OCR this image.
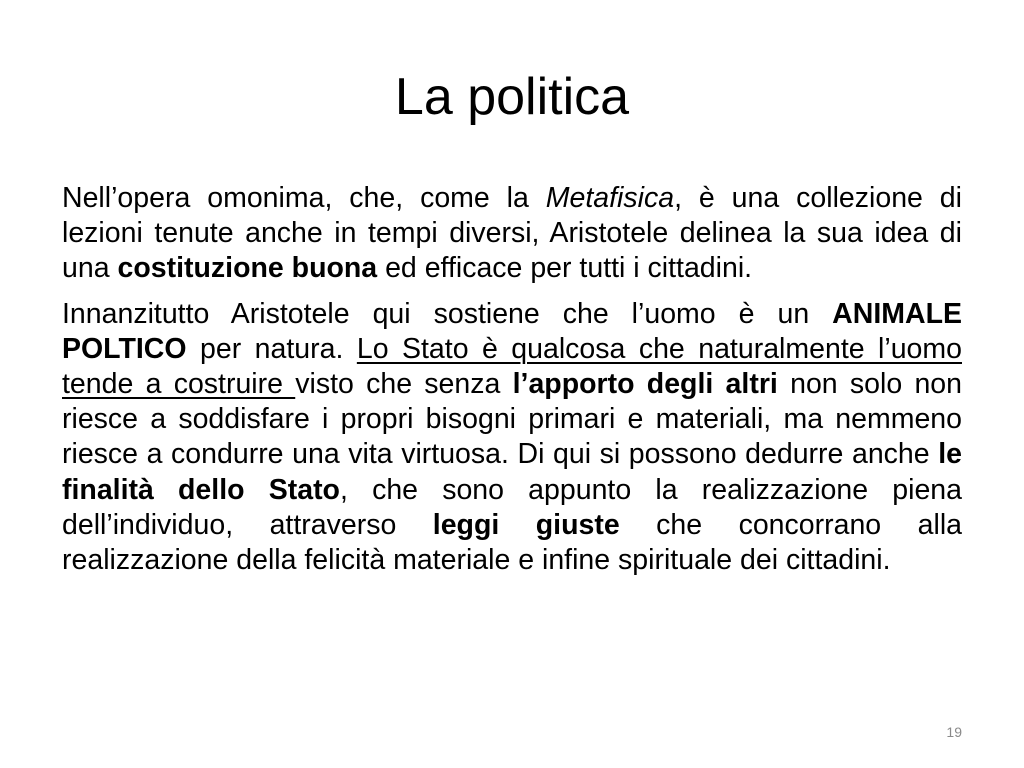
La politica

Nell’opera omonima, che, come la Metafisica, è una collezione di lezioni tenute anche in tempi diversi, Aristotele delinea la sua idea di una costituzione buona ed efficace per tutti i cittadini.

Innanzitutto Aristotele qui sostiene che l’uomo è un ANIMALE POLTICO per natura. Lo Stato è qualcosa che naturalmente l’uomo tende a costruire visto che senza l’apporto degli altri non solo non riesce a soddisfare i propri bisogni primari e materiali, ma nemmeno riesce a condurre una vita virtuosa. Di qui si possono dedurre anche le finalità dello Stato, che sono appunto la realizzazione piena dell’individuo, attraverso leggi giuste che concorrano alla realizzazione della felicità materiale e infine spirituale dei cittadini.

19
